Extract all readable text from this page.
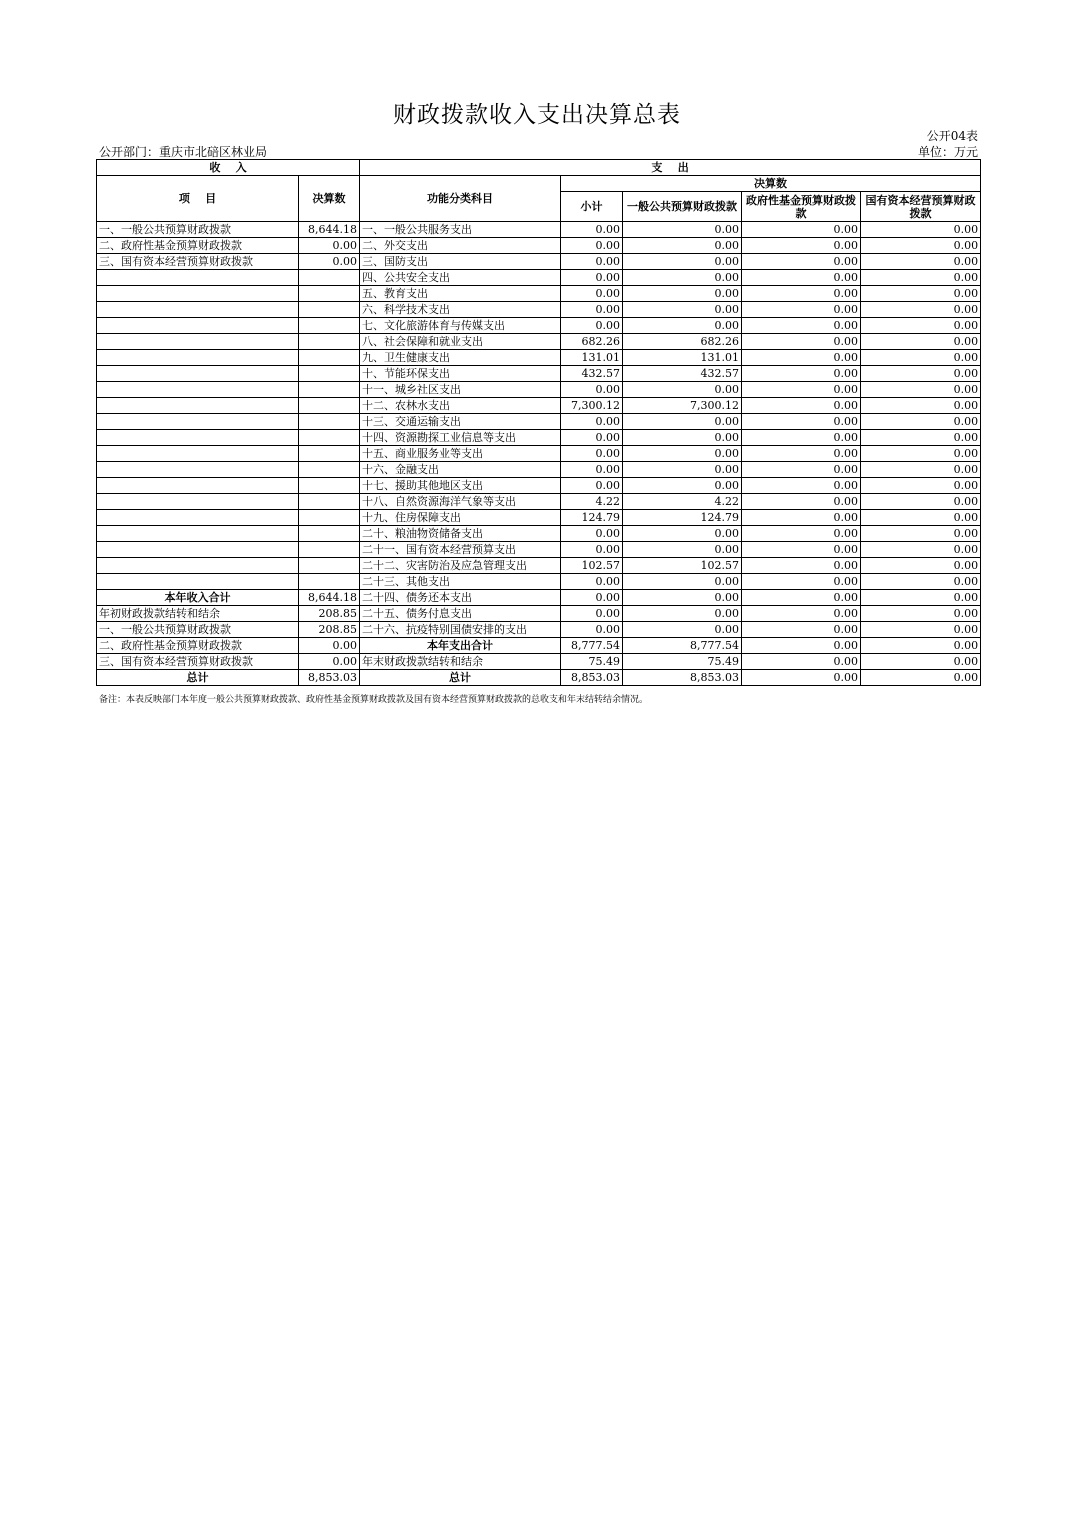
财政拨款收入支出决算总表
公开04表
公开部门：重庆市北碚区林业局	单位：万元
收    入		支    出				
项    目	决算数	功能分类科目	决算数			
			小计	一般公共预算财政拨款	政府性基金预算财政拨款	国有资本经营预算财政拨款
一、一般公共预算财政拨款	8,644.18	一、一般公共服务支出	0.00	0.00	0.00	0.00
二、政府性基金预算财政拨款	0.00	二、外交支出	0.00	0.00	0.00	0.00
三、国有资本经营预算财政拨款	0.00	三、国防支出	0.00	0.00	0.00	0.00
		四、公共安全支出	0.00	0.00	0.00	0.00
		五、教育支出	0.00	0.00	0.00	0.00
		六、科学技术支出	0.00	0.00	0.00	0.00
		七、文化旅游体育与传媒支出	0.00	0.00	0.00	0.00
		八、社会保障和就业支出	682.26	682.26	0.00	0.00
		九、卫生健康支出	131.01	131.01	0.00	0.00
		十、节能环保支出	432.57	432.57	0.00	0.00
		十一、城乡社区支出	0.00	0.00	0.00	0.00
		十二、农林水支出	7,300.12	7,300.12	0.00	0.00
		十三、交通运输支出	0.00	0.00	0.00	0.00
		十四、资源勘探工业信息等支出	0.00	0.00	0.00	0.00
		十五、商业服务业等支出	0.00	0.00	0.00	0.00
		十六、金融支出	0.00	0.00	0.00	0.00
		十七、援助其他地区支出	0.00	0.00	0.00	0.00
		十八、自然资源海洋气象等支出	4.22	4.22	0.00	0.00
		十九、住房保障支出	124.79	124.79	0.00	0.00
		二十、粮油物资储备支出	0.00	0.00	0.00	0.00
		二十一、国有资本经营预算支出	0.00	0.00	0.00	0.00
		二十二、灾害防治及应急管理支出	102.57	102.57	0.00	0.00
		二十三、其他支出	0.00	0.00	0.00	0.00
本年收入合计	8,644.18	二十四、债务还本支出	0.00	0.00	0.00	0.00
年初财政拨款结转和结余	208.85	二十五、债务付息支出	0.00	0.00	0.00	0.00
一、一般公共预算财政拨款	208.85	二十六、抗疫特别国债安排的支出	0.00	0.00	0.00	0.00
二、政府性基金预算财政拨款	0.00	本年支出合计	8,777.54	8,777.54	0.00	0.00
三、国有资本经营预算财政拨款	0.00	年末财政拨款结转和结余	75.49	75.49	0.00	0.00
总计	8,853.03	总计	8,853.03	8,853.03	0.00	0.00
备注：本表反映部门本年度一般公共预算财政拨款、政府性基金预算财政拨款及国有资本经营预算财政拨款的总收支和年末结转结余情况。
